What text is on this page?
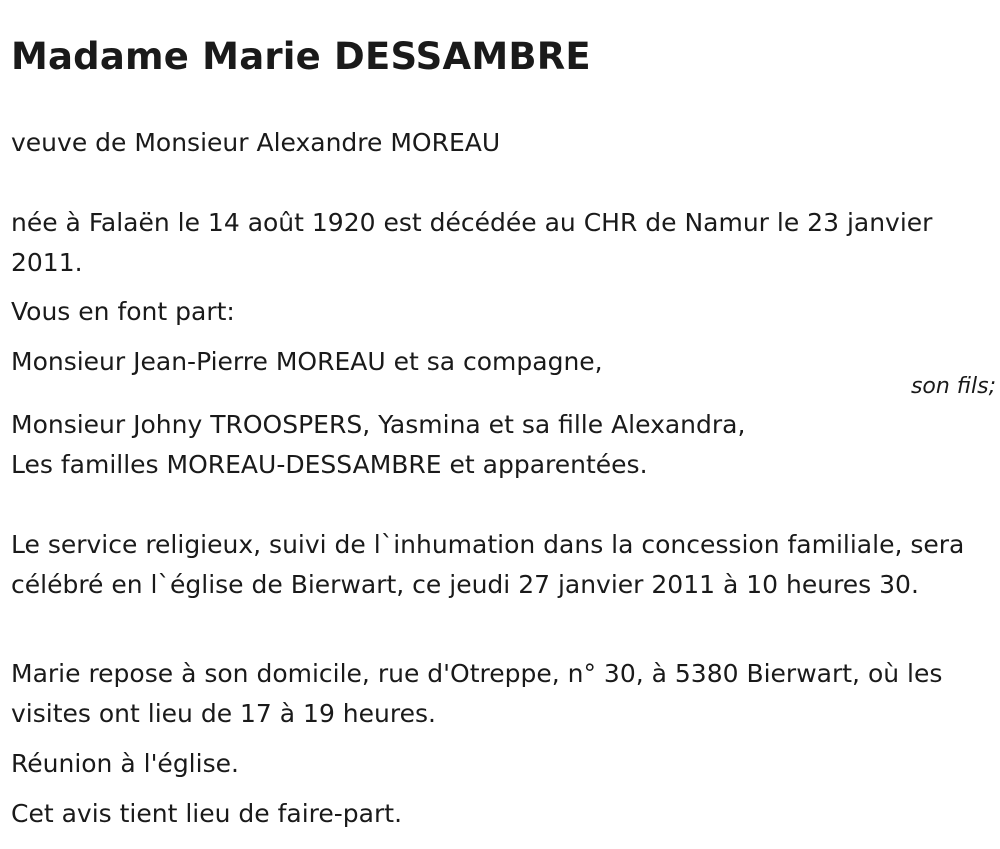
Madame Marie DESSAMBRE

veuve de Monsieur Alexandre MOREAU

née à Falaën le 14 août 1920 est décédée au CHR de Namur le 23 janvier 2011.

Vous en font part:

Monsieur Jean-Pierre MOREAU et sa compagne,

son fils;

Monsieur Johny TROOSPERS, Yasmina et sa fille Alexandra,

Les familles MOREAU-DESSAMBRE et apparentées.

Le service religieux, suivi de l`inhumation dans la concession familiale, sera célébré en l`église de Bierwart, ce jeudi 27 janvier 2011 à 10 heures 30.

Marie repose à son domicile, rue d'Otreppe, n° 30, à 5380 Bierwart, où les visites ont lieu de 17 à 19 heures.

Réunion à l'église.

Cet avis tient lieu de faire-part.
